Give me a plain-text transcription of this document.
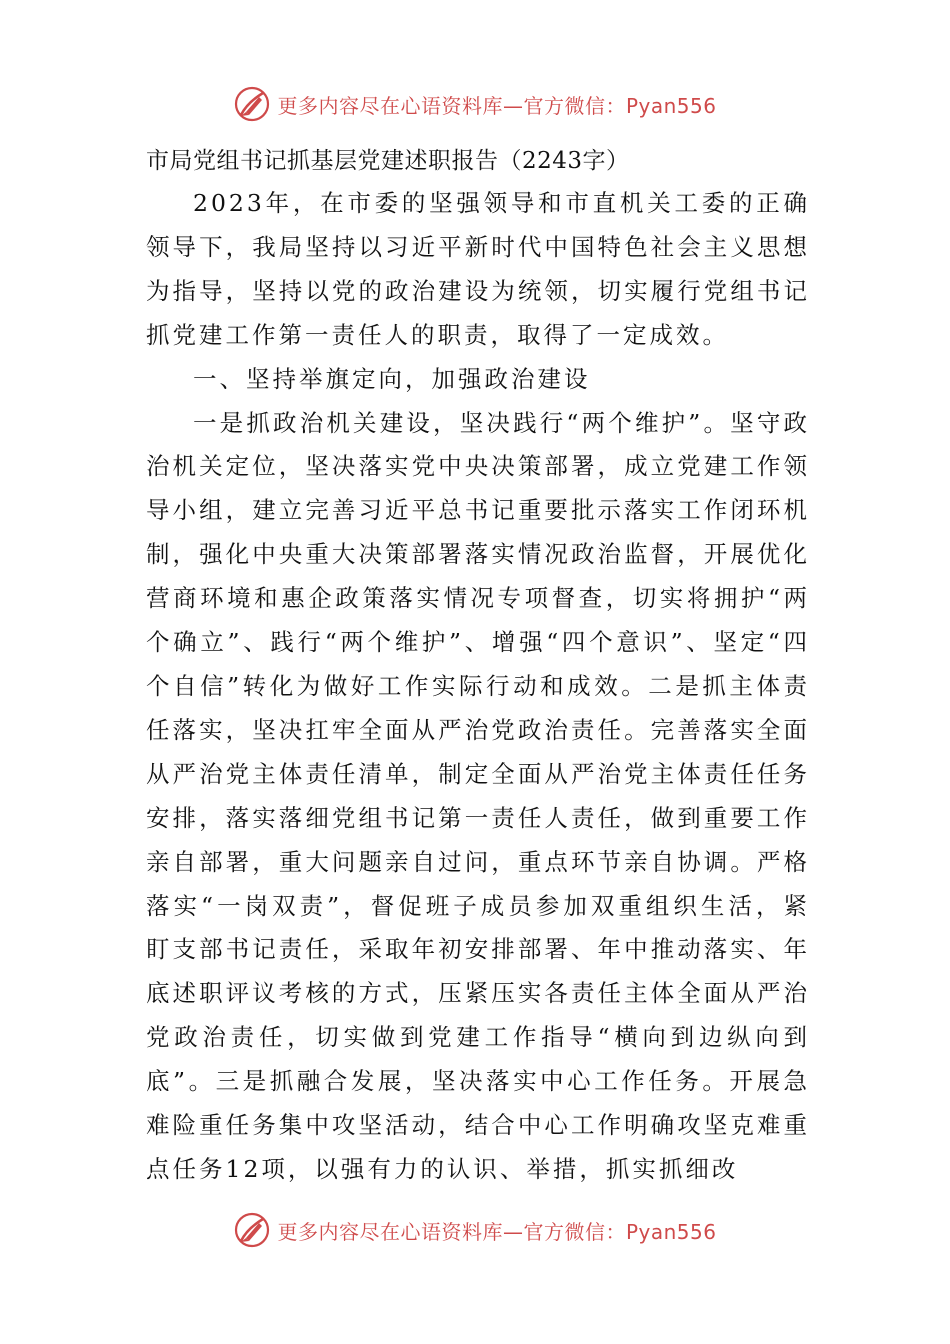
更多内容尽在心语资料库—官方微信：Pyan556
市局党组书记抓基层党建述职报告（2243字）

2023年，在市委的坚强领导和市直机关工委的正确领导下，我局坚持以习近平新时代中国特色社会主义思想为指导，坚持以党的政治建设为统领，切实履行党组书记抓党建工作第一责任人的职责，取得了一定成效。

一、坚持举旗定向，加强政治建设

一是抓政治机关建设，坚决践行“两个维护”。坚守政治机关定位，坚决落实党中央决策部署，成立党建工作领导小组，建立完善习近平总书记重要批示落实工作闭环机制，强化中央重大决策部署落实情况政治监督，开展优化营商环境和惠企政策落实情况专项督查，切实将拥护“两个确立”、践行“两个维护”、增强“四个意识”、坚定“四个自信”转化为做好工作实际行动和成效。二是抓主体责任落实，坚决扛牢全面从严治党政治责任。完善落实全面从严治党主体责任清单，制定全面从严治党主体责任任务安排，落实落细党组书记第一责任人责任，做到重要工作亲自部署，重大问题亲自过问，重点环节亲自协调。严格落实“一岗双责”，督促班子成员参加双重组织生活，紧盯支部书记责任，采取年初安排部署、年中推动落实、年底述职评议考核的方式，压紧压实各责任主体全面从严治党政治责任，切实做到党建工作指导“横向到边纵向到底”。三是抓融合发展，坚决落实中心工作任务。开展急难险重任务集中攻坚活动，结合中心工作明确攻坚克难重点任务12项，以强有力的认识、举措，抓实抓细改

更多内容尽在心语资料库—官方微信：Pyan556
